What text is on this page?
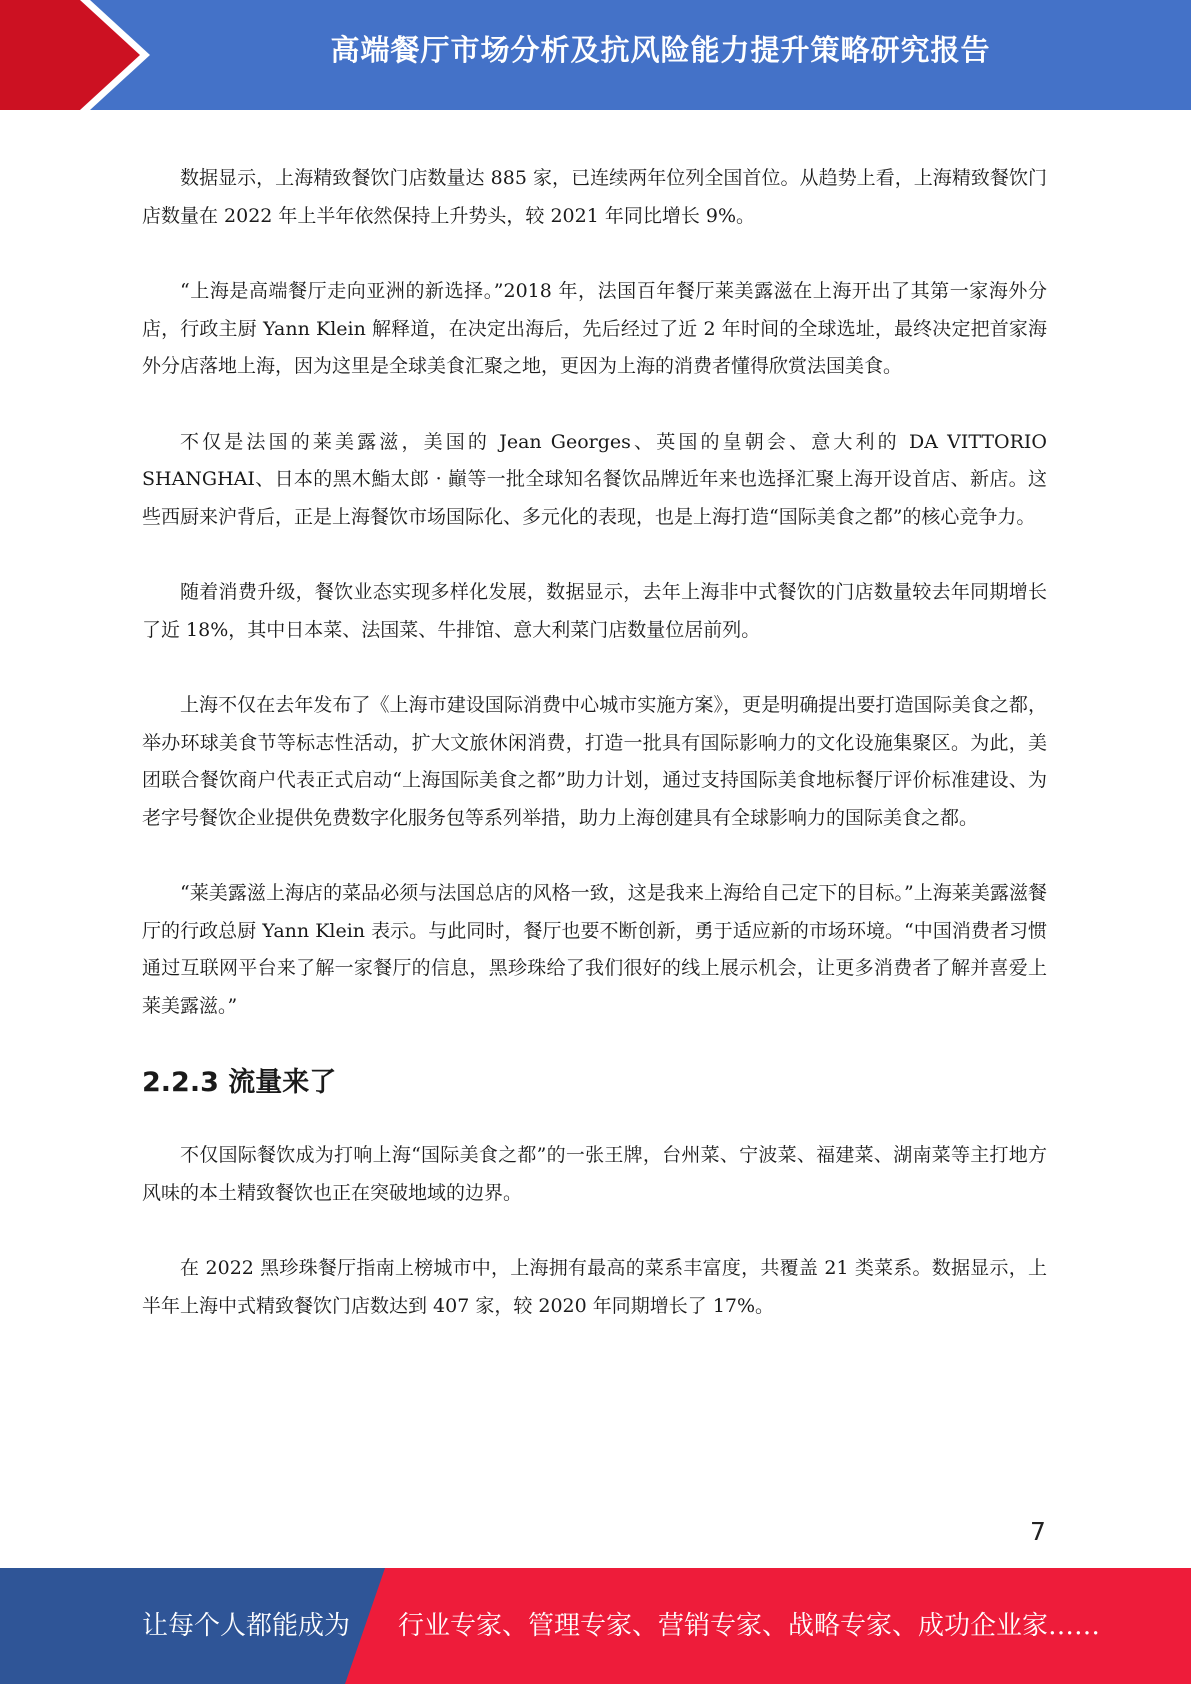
高端餐厅市场分析及抗风险能力提升策略研究报告

数据显示，上海精致餐饮门店数量达 885 家，已连续两年位列全国首位。从趋势上看，上海精致餐饮门店数量在 2022 年上半年依然保持上升势头，较 2021 年同比增长 9%。

“上海是高端餐厅走向亚洲的新选择。”2018 年，法国百年餐厅莱美露滋在上海开出了其第一家海外分店，行政主厨 Yann Klein 解释道，在决定出海后，先后经过了近 2 年时间的全球选址，最终决定把首家海外分店落地上海，因为这里是全球美食汇聚之地，更因为上海的消费者懂得欣赏法国美食。

不仅是法国的莱美露滋，美国的 Jean Georges、英国的皇朝会、意大利的 DA VITTORIO SHANGHAI、日本的黑木鮨太郎 · 巓等一批全球知名餐饮品牌近年来也选择汇聚上海开设首店、新店。这些西厨来沪背后，正是上海餐饮市场国际化、多元化的表现，也是上海打造“国际美食之都”的核心竞争力。

随着消费升级，餐饮业态实现多样化发展，数据显示，去年上海非中式餐饮的门店数量较去年同期增长了近 18%，其中日本菜、法国菜、牛排馆、意大利菜门店数量位居前列。

上海不仅在去年发布了《上海市建设国际消费中心城市实施方案》，更是明确提出要打造国际美食之都，举办环球美食节等标志性活动，扩大文旅休闲消费，打造一批具有国际影响力的文化设施集聚区。为此，美团联合餐饮商户代表正式启动“上海国际美食之都”助力计划，通过支持国际美食地标餐厅评价标准建设、为老字号餐饮企业提供免费数字化服务包等系列举措，助力上海创建具有全球影响力的国际美食之都。

“莱美露滋上海店的菜品必须与法国总店的风格一致，这是我来上海给自己定下的目标。”上海莱美露滋餐厅的行政总厨 Yann Klein 表示。与此同时，餐厅也要不断创新，勇于适应新的市场环境。“中国消费者习惯通过互联网平台来了解一家餐厅的信息，黑珍珠给了我们很好的线上展示机会，让更多消费者了解并喜爱上莱美露滋。”

2.2.3 流量来了

不仅国际餐饮成为打响上海“国际美食之都”的一张王牌，台州菜、宁波菜、福建菜、湖南菜等主打地方风味的本土精致餐饮也正在突破地域的边界。

在 2022 黑珍珠餐厅指南上榜城市中，上海拥有最高的菜系丰富度，共覆盖 21 类菜系。数据显示，上半年上海中式精致餐饮门店数达到 407 家，较 2020 年同期增长了 17%。

7
让每个人都能成为 行业专家、管理专家、营销专家、战略专家、成功企业家……
